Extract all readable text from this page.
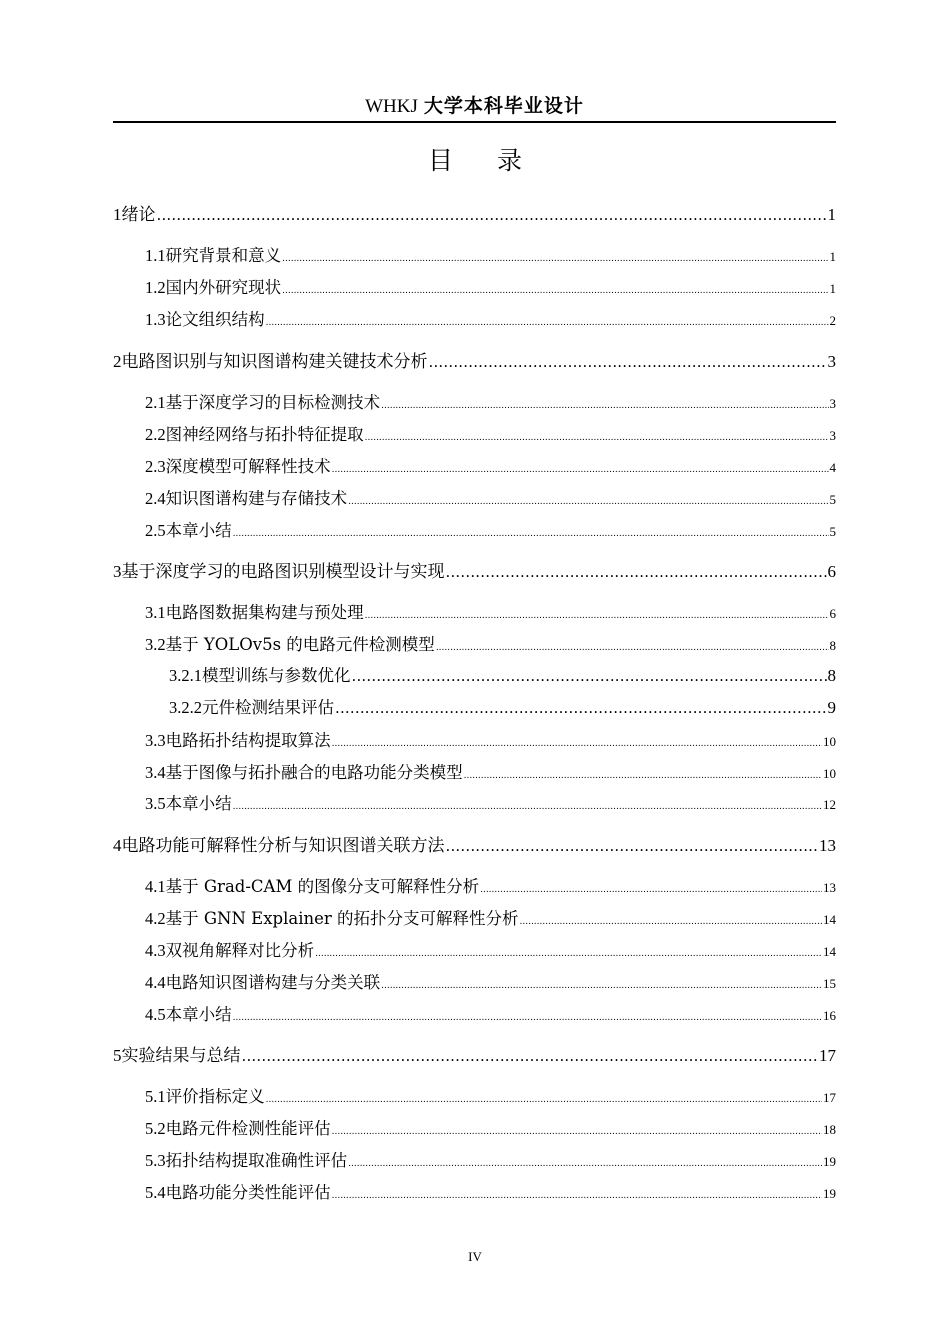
WHKJ 大学本科毕业设计
目 录
1 绪论 .....	1
1.1 研究背景和意义 .....	1
1.2 国内外研究现状 .....	1
1.3 论文组织结构 .....	2
2 电路图识别与知识图谱构建关键技术分析 .....	3
2.1 基于深度学习的目标检测技术 .....	3
2.2 图神经网络与拓扑特征提取 .....	3
2.3 深度模型可解释性技术 .....	4
2.4 知识图谱构建与存储技术 .....	5
2.5 本章小结 .....	5
3 基于深度学习的电路图识别模型设计与实现 .....	6
3.1 电路图数据集构建与预处理 .....	6
3.2 基于 YOLOv5s 的电路元件检测模型 .....	8
3.2.1 模型训练与参数优化 .....	8
3.2.2 元件检测结果评估 .....	9
3.3 电路拓扑结构提取算法 .....	10
3.4 基于图像与拓扑融合的电路功能分类模型 .....	10
3.5 本章小结 .....	12
4 电路功能可解释性分析与知识图谱关联方法 .....	13
4.1 基于 Grad-CAM 的图像分支可解释性分析 .....	13
4.2 基于 GNN Explainer 的拓扑分支可解释性分析 .....	14
4.3 双视角解释对比分析 .....	14
4.4 电路知识图谱构建与分类关联 .....	15
4.5 本章小结 .....	16
5 实验结果与总结 .....	17
5.1 评价指标定义 .....	17
5.2 电路元件检测性能评估 .....	18
5.3 拓扑结构提取准确性评估 .....	19
5.4 电路功能分类性能评估 .....	19
IV
